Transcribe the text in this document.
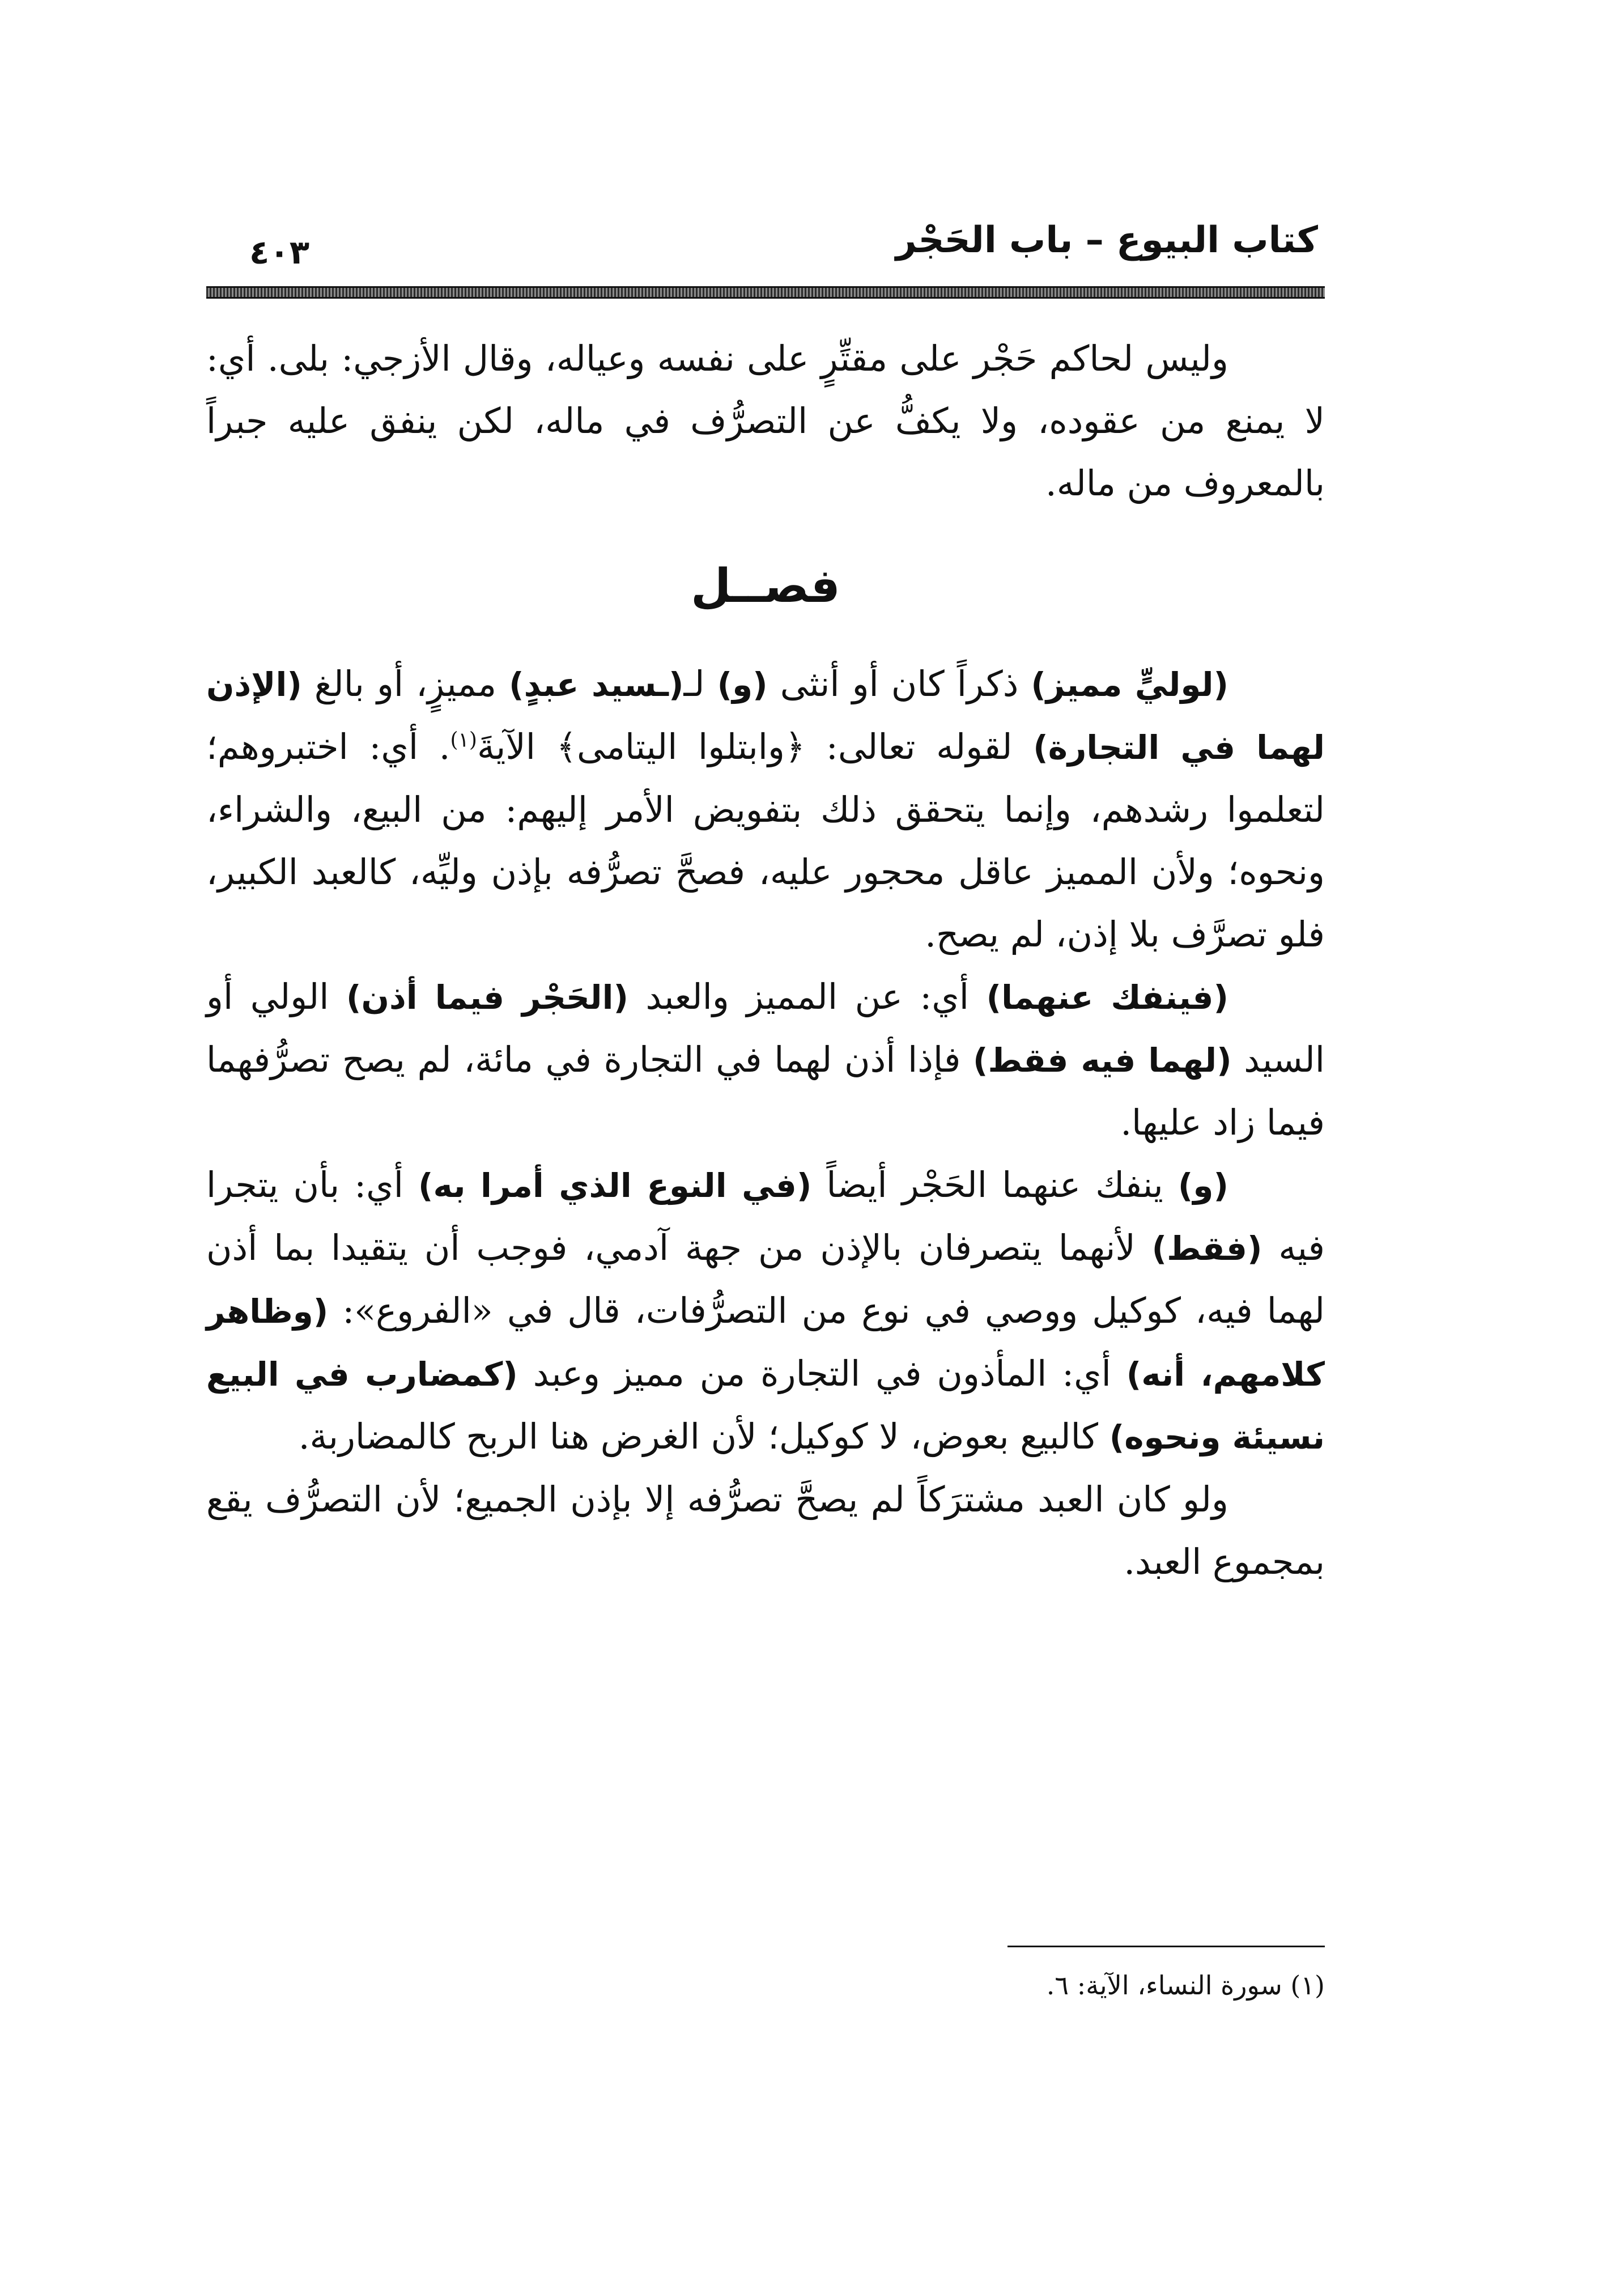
كتاب البيوع – باب الحَجْر
٤٠٣

وليس لحاكم حَجْر على مقتِّرٍ على نفسه وعياله، وقال الأزجي: بلى. أي: لا يمنع من عقوده، ولا يكفُّ عن التصرُّف في ماله، لكن ينفق عليه جبراً بالمعروف من ماله.

فصــل

(لوليٍّ مميز) ذكراً كان أو أنثى (و) لـ(ـسيد عبدٍ) مميزٍ، أو بالغ (الإذن لهما في التجارة) لقوله تعالى: ﴿وابتلوا اليتامى﴾ الآيةَ$^{(١)}$. أي: اختبروهم؛ لتعلموا رشدهم، وإنما يتحقق ذلك بتفويض الأمر إليهم: من البيع، والشراء، ونحوه؛ ولأن المميز عاقل محجور عليه، فصحَّ تصرُّفه بإذن وليِّه، كالعبد الكبير، فلو تصرَّف بلا إذن، لم يصح.

(فينفك عنهما) أي: عن المميز والعبد (الحَجْر فيما أذن) الولي أو السيد (لهما فيه فقط) فإذا أذن لهما في التجارة في مائة، لم يصح تصرُّفهما فيما زاد عليها.

(و) ينفك عنهما الحَجْر أيضاً (في النوع الذي أمرا به) أي: بأن يتجرا فيه (فقط) لأنهما يتصرفان بالإذن من جهة آدمي، فوجب أن يتقيدا بما أذن لهما فيه، كوكيل ووصي في نوع من التصرُّفات، قال في «الفروع»: (وظاهر كلامهم، أنه) أي: المأذون في التجارة من مميز وعبد (كمضارب في البيع نسيئة ونحوه) كالبيع بعوض، لا كوكيل؛ لأن الغرض هنا الربح كالمضاربة.

ولو كان العبد مشترَكاً لم يصحَّ تصرُّفه إلا بإذن الجميع؛ لأن التصرُّف يقع بمجموع العبد.

(١) سورة النساء، الآية: ٦.
